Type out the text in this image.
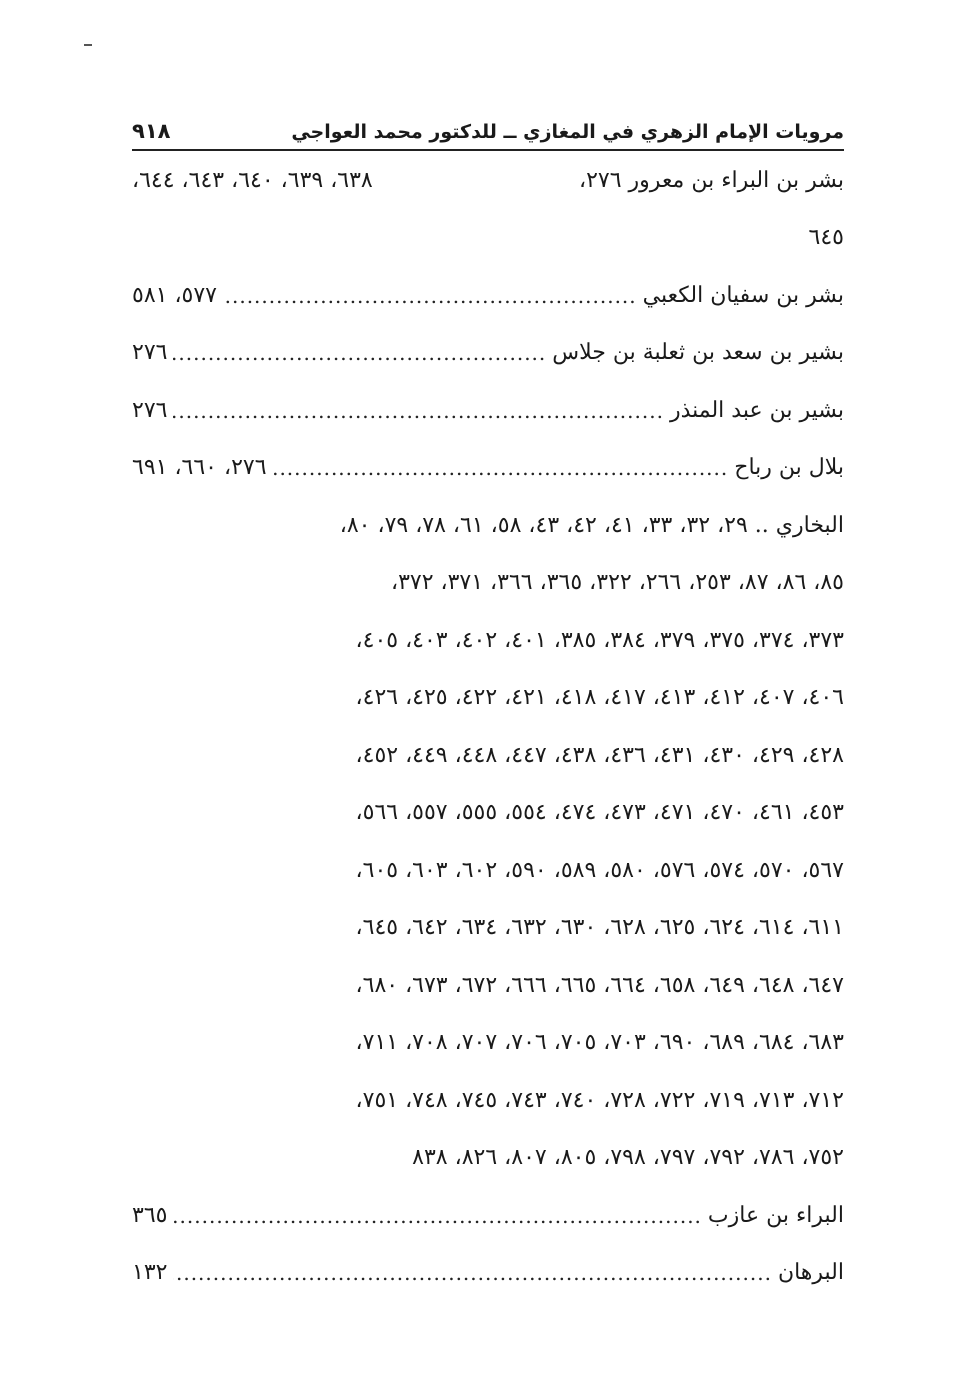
مرويات الإمام الزهري في المغازي ــ للدكتور محمد العواجي
٩١٨
بشر بن البراء بن معرور ٢٧٦،
٦٣٨، ٦٣٩، ٦٤٠، ٦٤٣، ٦٤٤،
٦٤٥
بشر بن سفيان الكعبي
.....
٥٧٧، ٥٨١
بشير بن سعد بن ثعلبة بن جلاس
.....
٢٧٦
بشير بن عبد المنذر
.....
٢٧٦
بلال بن رباح
.....
٢٧٦، ٦٦٠، ٦٩١
البخاري .. ٢٩، ٣٢، ٣٣، ٤١، ٤٢، ٤٣، ٥٨، ٦١، ٧٨، ٧٩، ٨٠،
٨٥، ٨٦، ٨٧، ٢٥٣، ٢٦٦، ٣٢٢، ٣٦٥، ٣٦٦، ٣٧١، ٣٧٢،
٣٧٣، ٣٧٤، ٣٧٥، ٣٧٩، ٣٨٤، ٣٨٥، ٤٠١، ٤٠٢، ٤٠٣، ٤٠٥،
٤٠٦، ٤٠٧، ٤١٢، ٤١٣، ٤١٧، ٤١٨، ٤٢١، ٤٢٢، ٤٢٥، ٤٢٦،
٤٢٨، ٤٢٩، ٤٣٠، ٤٣١، ٤٣٦، ٤٣٨، ٤٤٧، ٤٤٨، ٤٤٩، ٤٥٢،
٤٥٣، ٤٦١، ٤٧٠، ٤٧١، ٤٧٣، ٤٧٤، ٥٥٤، ٥٥٥، ٥٥٧، ٥٦٦،
٥٦٧، ٥٧٠، ٥٧٤، ٥٧٦، ٥٨٠، ٥٨٩، ٥٩٠، ٦٠٢، ٦٠٣، ٦٠٥،
٦١١، ٦١٤، ٦٢٤، ٦٢٥، ٦٢٨، ٦٣٠، ٦٣٢، ٦٣٤، ٦٤٢، ٦٤٥،
٦٤٧، ٦٤٨، ٦٤٩، ٦٥٨، ٦٦٤، ٦٦٥، ٦٦٦، ٦٧٢، ٦٧٣، ٦٨٠،
٦٨٣، ٦٨٤، ٦٨٩، ٦٩٠، ٧٠٣، ٧٠٥، ٧٠٦، ٧٠٧، ٧٠٨، ٧١١،
٧١٢، ٧١٣، ٧١٩، ٧٢٢، ٧٢٨، ٧٤٠، ٧٤٣، ٧٤٥، ٧٤٨، ٧٥١،
٧٥٢، ٧٨٦، ٧٩٢، ٧٩٧، ٧٩٨، ٨٠٥، ٨٠٧، ٨٢٦، ٨٣٨
البراء بن عازب
.....
٣٦٥
البرهان
.....
١٣٢
